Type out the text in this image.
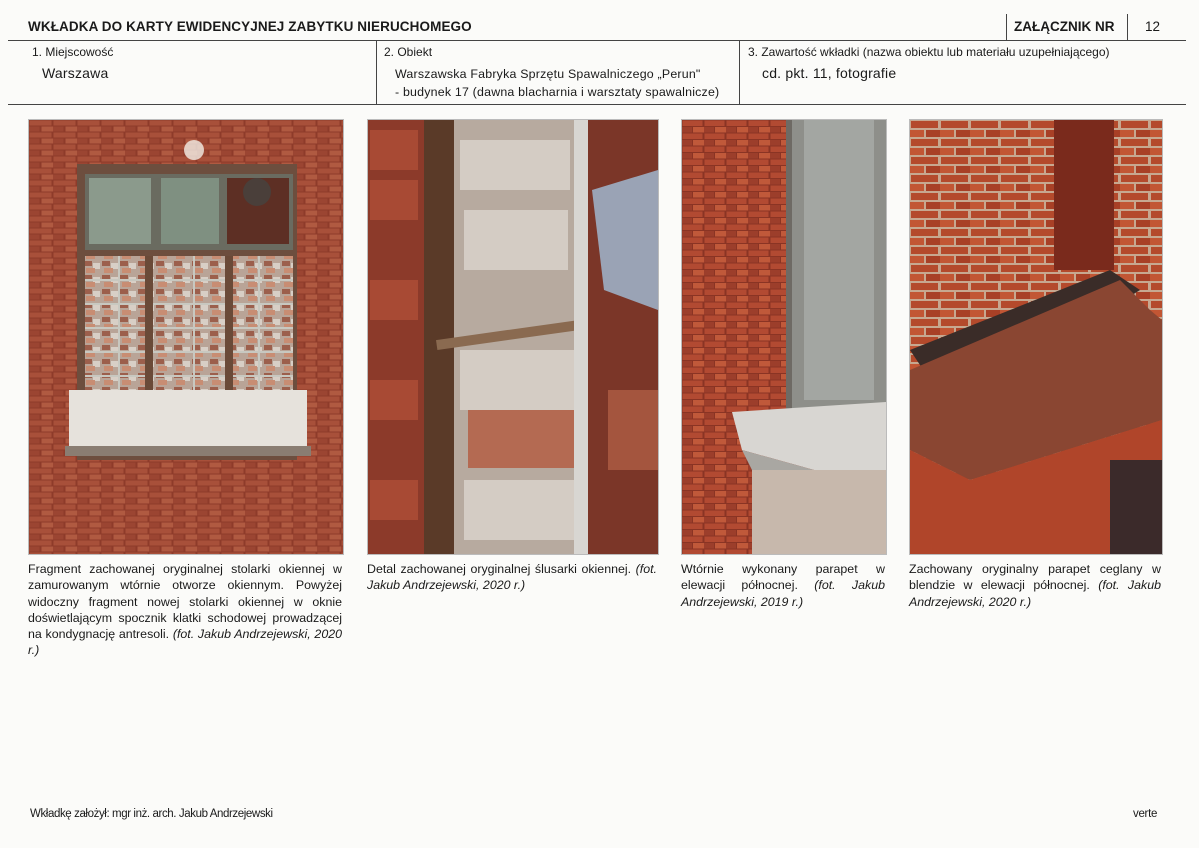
WKŁADKA DO KARTY EWIDENCYJNEJ ZABYTKU NIERUCHOMEGO	ZAŁĄCZNIK NR 12
1. Miejscowość
Warszawa
2. Obiekt
Warszawska Fabryka Sprzętu Spawalniczego „Perun"
- budynek 17 (dawna blacharnia i warsztaty spawalnicze)
3. Zawartość wkładki (nazwa obiektu lub materiału uzupełniającego)
cd. pkt. 11, fotografie
Fragment zachowanej oryginalnej stolarki okiennej w zamurowanym wtórnie otworze okiennym. Powyżej widoczny fragment nowej stolarki okiennej w oknie doświetlającym spocznik klatki schodowej prowadzącej na kondygnację antresoli. (fot. Jakub Andrzejewski, 2020 r.)
Detal zachowanej oryginalnej ślusarki okiennej. (fot. Jakub Andrzejewski, 2020 r.)
Wtórnie wykonany parapet w elewacji północnej. (fot. Jakub Andrzejewski, 2019 r.)
Zachowany oryginalny parapet ceglany w blendzie w elewacji północnej. (fot. Jakub Andrzejewski, 2020 r.)
Wkładkę założył: mgr inż. arch. Jakub Andrzejewski	verte
